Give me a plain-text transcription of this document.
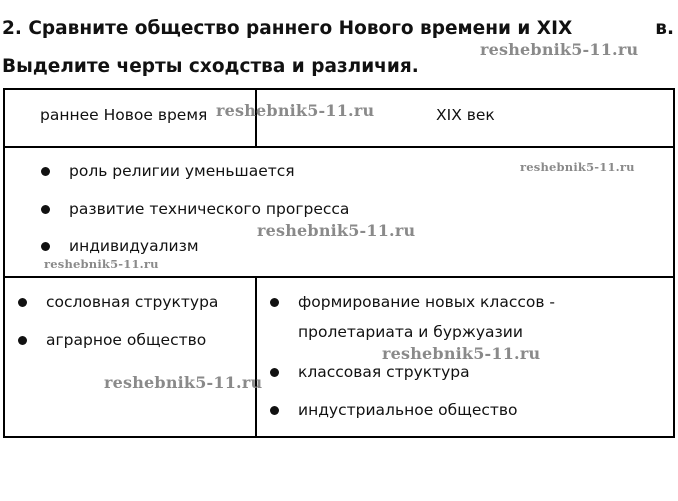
2. Сравните общество раннего Нового времени и XIX	в.
Выделите черты сходства и различия.
раннее Новое время	XIX век
роль религии уменьшается
развитие технического прогресса
индивидуализм
сословная структура
аграрное общество
формирование новых классов -
пролетариата и буржуазии
классовая структура
индустриальное общество
reshebnik5-11.ru
reshebnik5-11.ru
reshebnik5-11.ru
reshebnik5-11.ru
reshebnik5-11.ru
reshebnik5-11.ru
reshebnik5-11.ru
